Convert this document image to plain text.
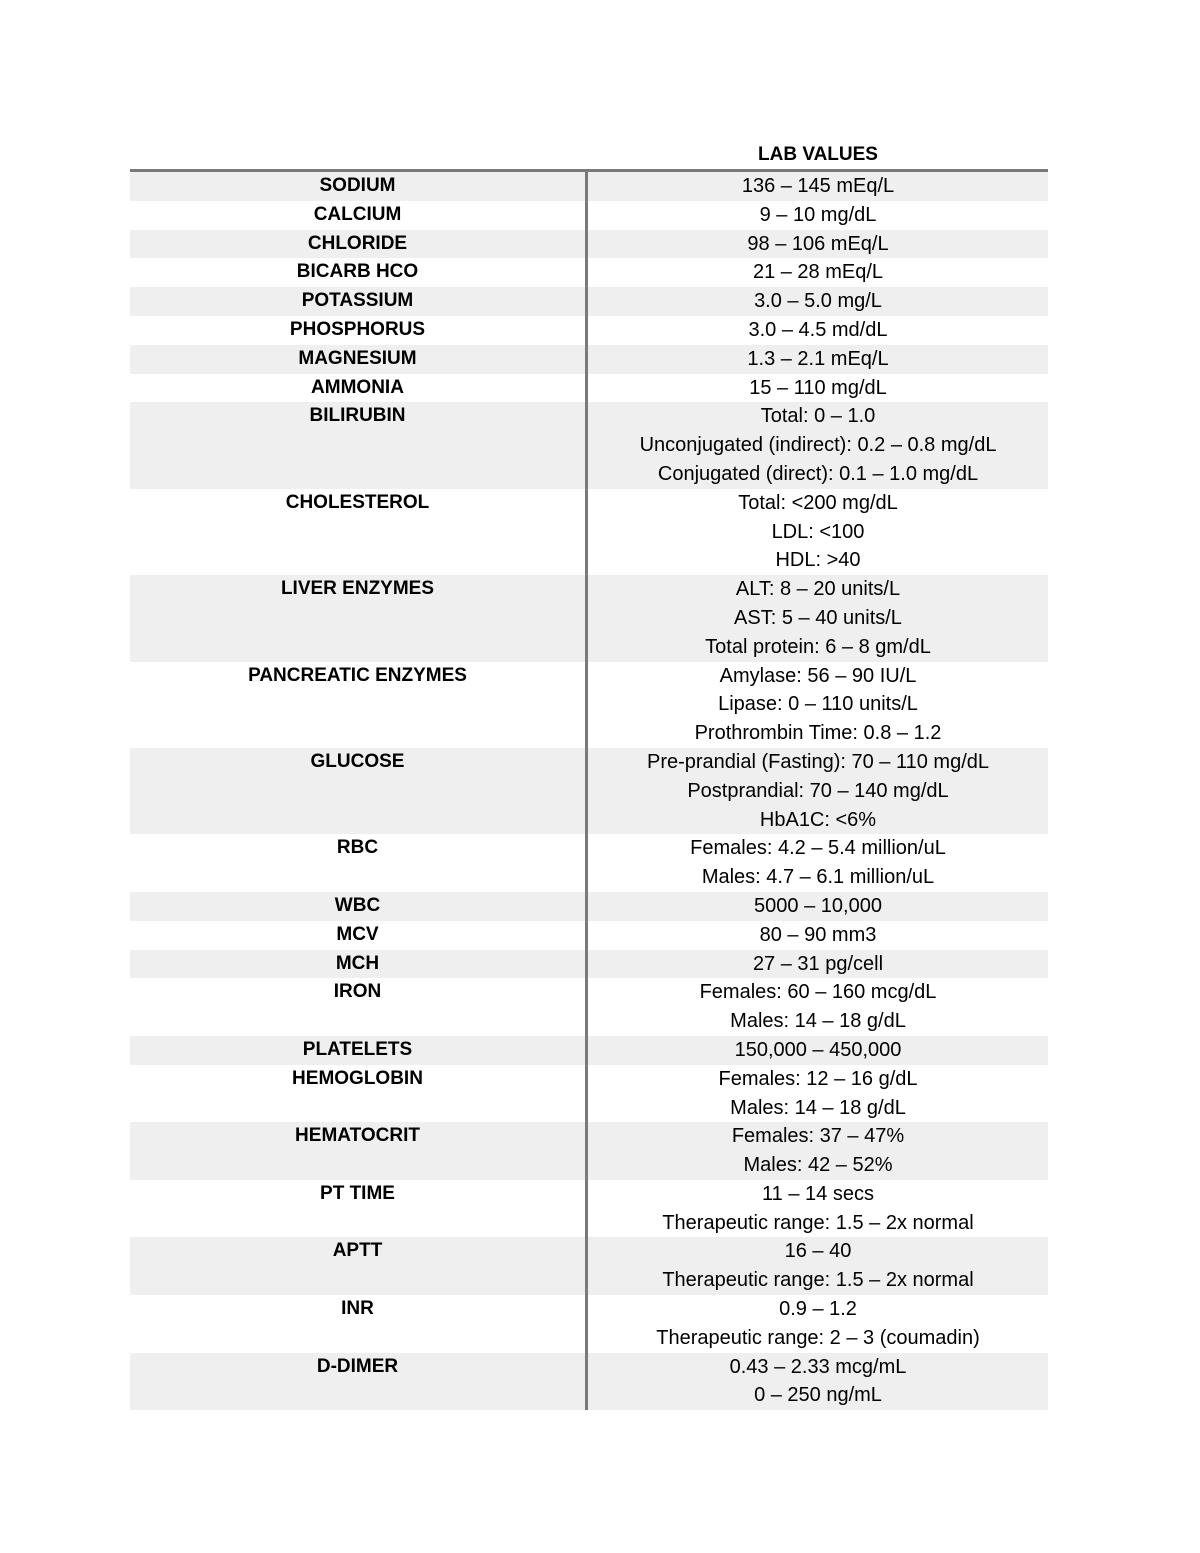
LAB VALUES
SODIUM	136 – 145 mEq/L
CALCIUM	9 – 10 mg/dL
CHLORIDE	98 – 106 mEq/L
BICARB HCO	21 – 28 mEq/L
POTASSIUM	3.0 – 5.0 mg/L
PHOSPHORUS	3.0 – 4.5 md/dL
MAGNESIUM	1.3 – 2.1 mEq/L
AMMONIA	15 – 110 mg/dL
BILIRUBIN	Total: 0 – 1.0
Unconjugated (indirect): 0.2 – 0.8 mg/dL
Conjugated (direct): 0.1 – 1.0 mg/dL
CHOLESTEROL	Total: <200 mg/dL
LDL: <100
HDL: >40
LIVER ENZYMES	ALT: 8 – 20 units/L
AST: 5 – 40 units/L
Total protein: 6 – 8 gm/dL
PANCREATIC ENZYMES	Amylase: 56 – 90 IU/L
Lipase: 0 – 110 units/L
Prothrombin Time: 0.8 – 1.2
GLUCOSE	Pre-prandial (Fasting): 70 – 110 mg/dL
Postprandial: 70 – 140 mg/dL
HbA1C: <6%
RBC	Females: 4.2 – 5.4 million/uL
Males: 4.7 – 6.1 million/uL
WBC	5000 – 10,000
MCV	80 – 90 mm3
MCH	27 – 31 pg/cell
IRON	Females: 60 – 160 mcg/dL
Males: 14 – 18 g/dL
PLATELETS	150,000 – 450,000
HEMOGLOBIN	Females: 12 – 16 g/dL
Males: 14 – 18 g/dL
HEMATOCRIT	Females: 37 – 47%
Males: 42 – 52%
PT TIME	11 – 14 secs
Therapeutic range: 1.5 – 2x normal
APTT	16 – 40
Therapeutic range: 1.5 – 2x normal
INR	0.9 – 1.2
Therapeutic range: 2 – 3 (coumadin)
D-DIMER	0.43 – 2.33 mcg/mL
0 – 250 ng/mL
